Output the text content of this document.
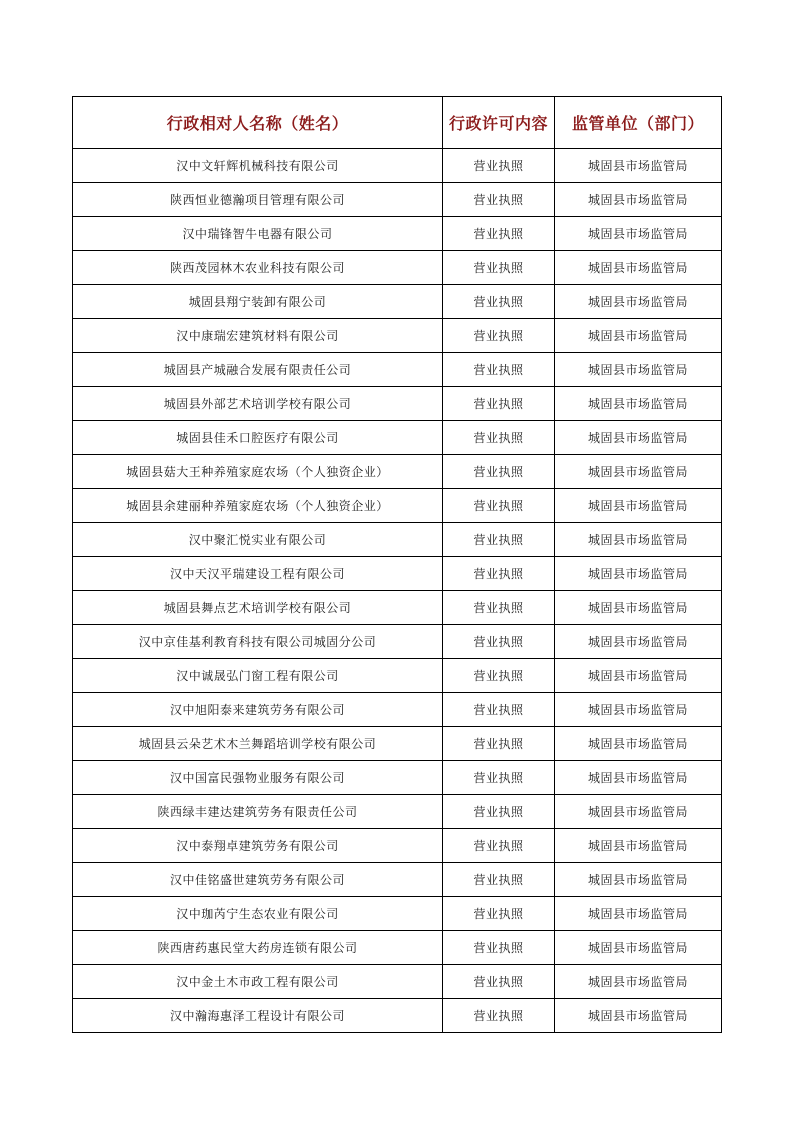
行政相对人名称（姓名）	行政许可内容	监管单位（部门）
汉中文轩辉机械科技有限公司	营业执照	城固县市场监管局
陕西恒业德瀚项目管理有限公司	营业执照	城固县市场监管局
汉中瑞锋智牛电器有限公司	营业执照	城固县市场监管局
陕西茂园林木农业科技有限公司	营业执照	城固县市场监管局
城固县翔宁装卸有限公司	营业执照	城固县市场监管局
汉中康瑞宏建筑材料有限公司	营业执照	城固县市场监管局
城固县产城融合发展有限责任公司	营业执照	城固县市场监管局
城固县外部艺术培训学校有限公司	营业执照	城固县市场监管局
城固县佳禾口腔医疗有限公司	营业执照	城固县市场监管局
城固县菇大王种养殖家庭农场（个人独资企业）	营业执照	城固县市场监管局
城固县余建丽种养殖家庭农场（个人独资企业）	营业执照	城固县市场监管局
汉中聚汇悦实业有限公司	营业执照	城固县市场监管局
汉中天汉平瑞建设工程有限公司	营业执照	城固县市场监管局
城固县舞点艺术培训学校有限公司	营业执照	城固县市场监管局
汉中京佳基利教育科技有限公司城固分公司	营业执照	城固县市场监管局
汉中诚晟弘门窗工程有限公司	营业执照	城固县市场监管局
汉中旭阳泰来建筑劳务有限公司	营业执照	城固县市场监管局
城固县云朵艺术木兰舞蹈培训学校有限公司	营业执照	城固县市场监管局
汉中国富民强物业服务有限公司	营业执照	城固县市场监管局
陕西绿丰建达建筑劳务有限责任公司	营业执照	城固县市场监管局
汉中泰翔卓建筑劳务有限公司	营业执照	城固县市场监管局
汉中佳铭盛世建筑劳务有限公司	营业执照	城固县市场监管局
汉中珈芮宁生态农业有限公司	营业执照	城固县市场监管局
陕西唐药惠民堂大药房连锁有限公司	营业执照	城固县市场监管局
汉中金土木市政工程有限公司	营业执照	城固县市场监管局
汉中瀚海惠泽工程设计有限公司	营业执照	城固县市场监管局
